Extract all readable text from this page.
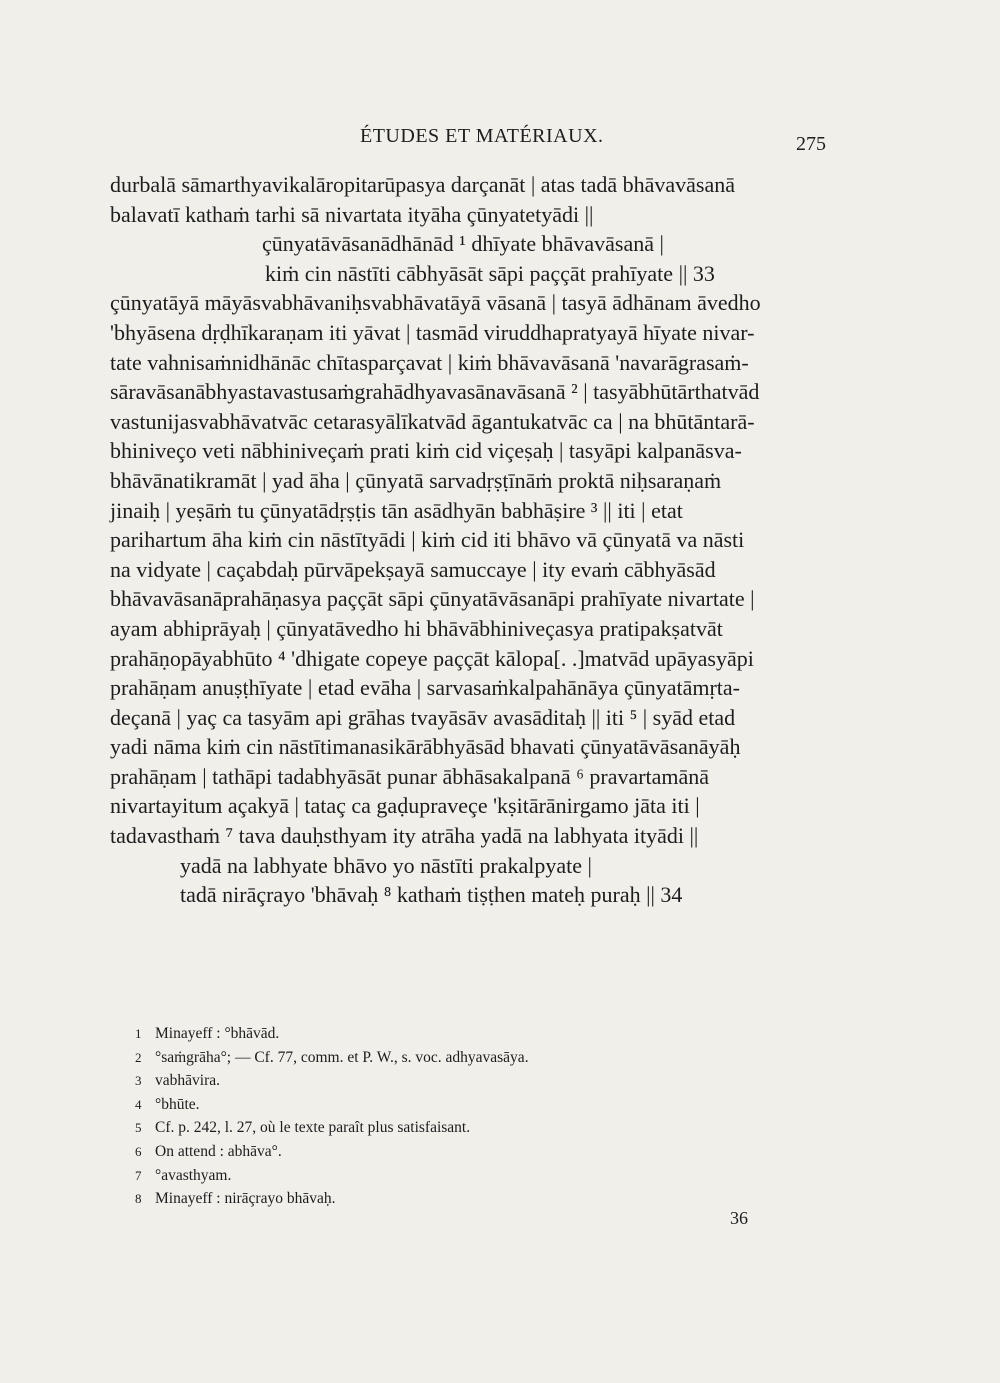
ÉTUDES ET MATÉRIAUX.	275
durbalā sāmarthyavikalāropitarūpasya darçanāt | atas tadā bhāvavāsanā
balavatī kathaṁ tarhi sā nivartata ityāha çūnyatetyādi ||
çūnyatāvāsanādhānād ¹ dhīyate bhāvavāsanā |
kiṁ cin nāstīti cābhyāsāt sāpi paççāt prahīyate || 33
çūnyatāyā māyāsvabhāvaniḥsvabhāvatāyā vāsanā | tasyā ādhānam āvedho
'bhyāsena dṛḍhīkaraṇam iti yāvat | tasmād viruddhapratyayā hīyate nivar-
tate vahnisaṁnidhānāc chītasparçavat | kiṁ bhāvavāsanā 'navarāgrasaṁ-
sāravāsanābhyastavastusaṁgrahādhyavasānavāsanā ² | tasyābhūtārthatvād
vastunijasvabhāvatvāc cetarasyālīkatvād āgantukatvāc ca | na bhūtāntarā-
bhiniveço veti nābhiniveçaṁ prati kiṁ cid viçeṣaḥ | tasyāpi kalpanāsva-
bhāvānatikramāt | yad āha | çūnyatā sarvadṛṣṭīnāṁ proktā niḥsaraṇaṁ
jinaiḥ | yeṣāṁ tu çūnyatādṛṣṭis tān asādhyān babhāṣire ³ || iti | etat
parihartum āha kiṁ cin nāstītyādi | kiṁ cid iti bhāvo vā çūnyatā va nāsti
na vidyate | caçabdaḥ pūrvāpekṣayā samuccaye | ity evaṁ cābhyāsād
bhāvavāsanāprahāṇasya paççāt sāpi çūnyatāvāsanāpi prahīyate nivartate |
ayam abhiprāyaḥ | çūnyatāvedho hi bhāvābhiniveçasya pratipakṣatvāt
prahāṇopāyabhūto ⁴ 'dhigate copeye paççāt kālopa[. .]matvād upāyasyāpi
prahāṇam anuṣṭhīyate | etad evāha | sarvasaṁkalpahānāya çūnyatāmṛta-
deçanā | yaç ca tasyām api grāhas tvayāsāv avasāditaḥ || iti ⁵ | syād etad
yadi nāma kiṁ cin nāstītimanasikārābhyāsād bhavati çūnyatāvāsanāyāḥ
prahāṇam | tathāpi tadabhyāsāt punar ābhāsakalpanā ⁶ pravartamānā
nivartayitum açakyā | tataç ca gaḍupraveçe 'kṣitārānirgamo jāta iti |
tadavasthaṁ ⁷ tava dauḥsthyam ity atrāha yadā na labhyata ityādi ||
yadā na labhyate bhāvo yo nāstīti prakalpyate |
tadā nirāçrayo 'bhāvaḥ ⁸ kathaṁ tiṣṭhen mateḥ puraḥ || 34
1 Minayeff : °bhāvād.
2 °saṁgrāha°; — Cf. 77, comm. et P. W., s. voc. adhyavasāya.
3 vabhāvira.
4 °bhūte.
5 Cf. p. 242, l. 27, où le texte paraît plus satisfaisant.
6 On attend : abhāva°.
7 °avasthyam.
8 Minayeff : nirāçrayo bhāvaḥ.
36
